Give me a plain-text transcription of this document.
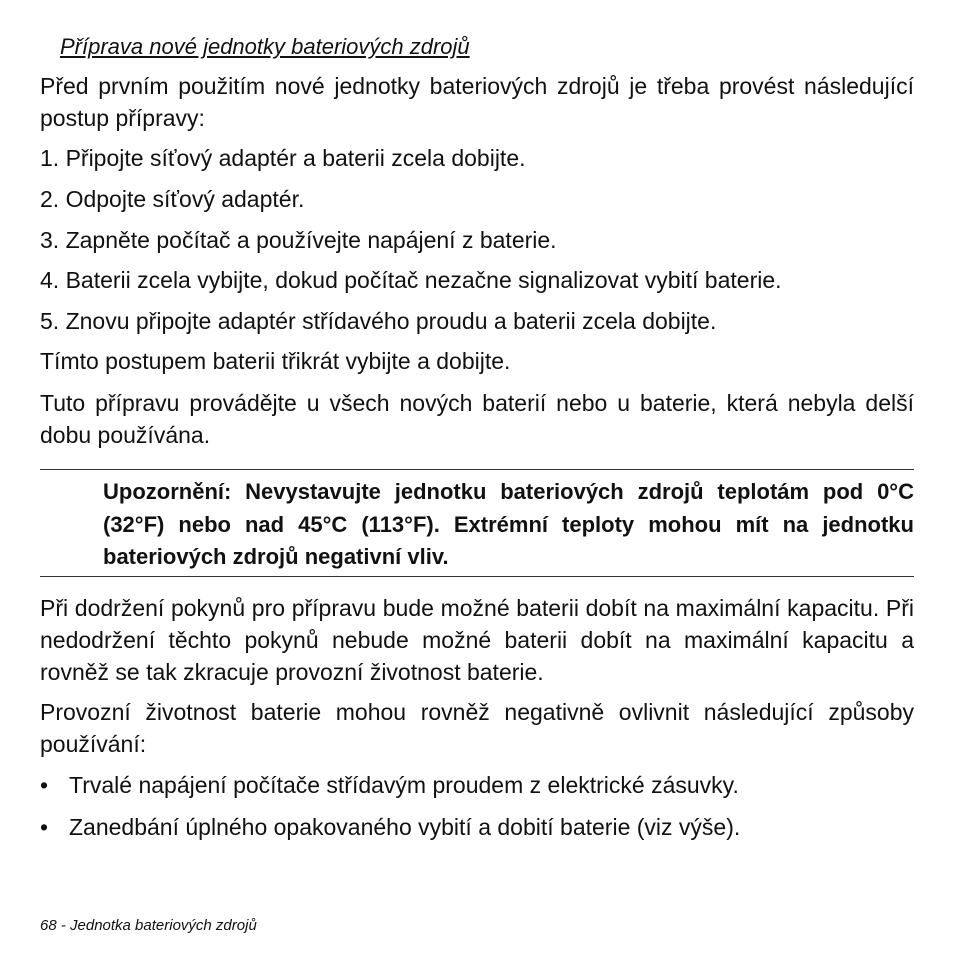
Příprava nové jednotky bateriových zdrojů

Před prvním použitím nové jednotky bateriových zdrojů je třeba provést následující postup přípravy:

1. Připojte síťový adaptér a baterii zcela dobijte.
2. Odpojte síťový adaptér.
3. Zapněte počítač a používejte napájení z baterie.
4. Baterii zcela vybijte, dokud počítač nezačne signalizovat vybití baterie.
5. Znovu připojte adaptér střídavého proudu a baterii zcela dobijte.

Tímto postupem baterii třikrát vybijte a dobijte.

Tuto přípravu provádějte u všech nových baterií nebo u baterie, která nebyla delší dobu používána.

Upozornění: Nevystavujte jednotku bateriových zdrojů teplotám pod 0°C (32°F) nebo nad 45°C (113°F). Extrémní teploty mohou mít na jednotku bateriových zdrojů negativní vliv.

Při dodržení pokynů pro přípravu bude možné baterii dobít na maximální kapacitu. Při nedodržení těchto pokynů nebude možné baterii dobít na maximální kapacitu a rovněž se tak zkracuje provozní životnost baterie.

Provozní životnost baterie mohou rovněž negativně ovlivnit následující způsoby používání:

• Trvalé napájení počítače střídavým proudem z elektrické zásuvky.
• Zanedbání úplného opakovaného vybití a dobití baterie (viz výše).
68 - Jednotka bateriových zdrojů
